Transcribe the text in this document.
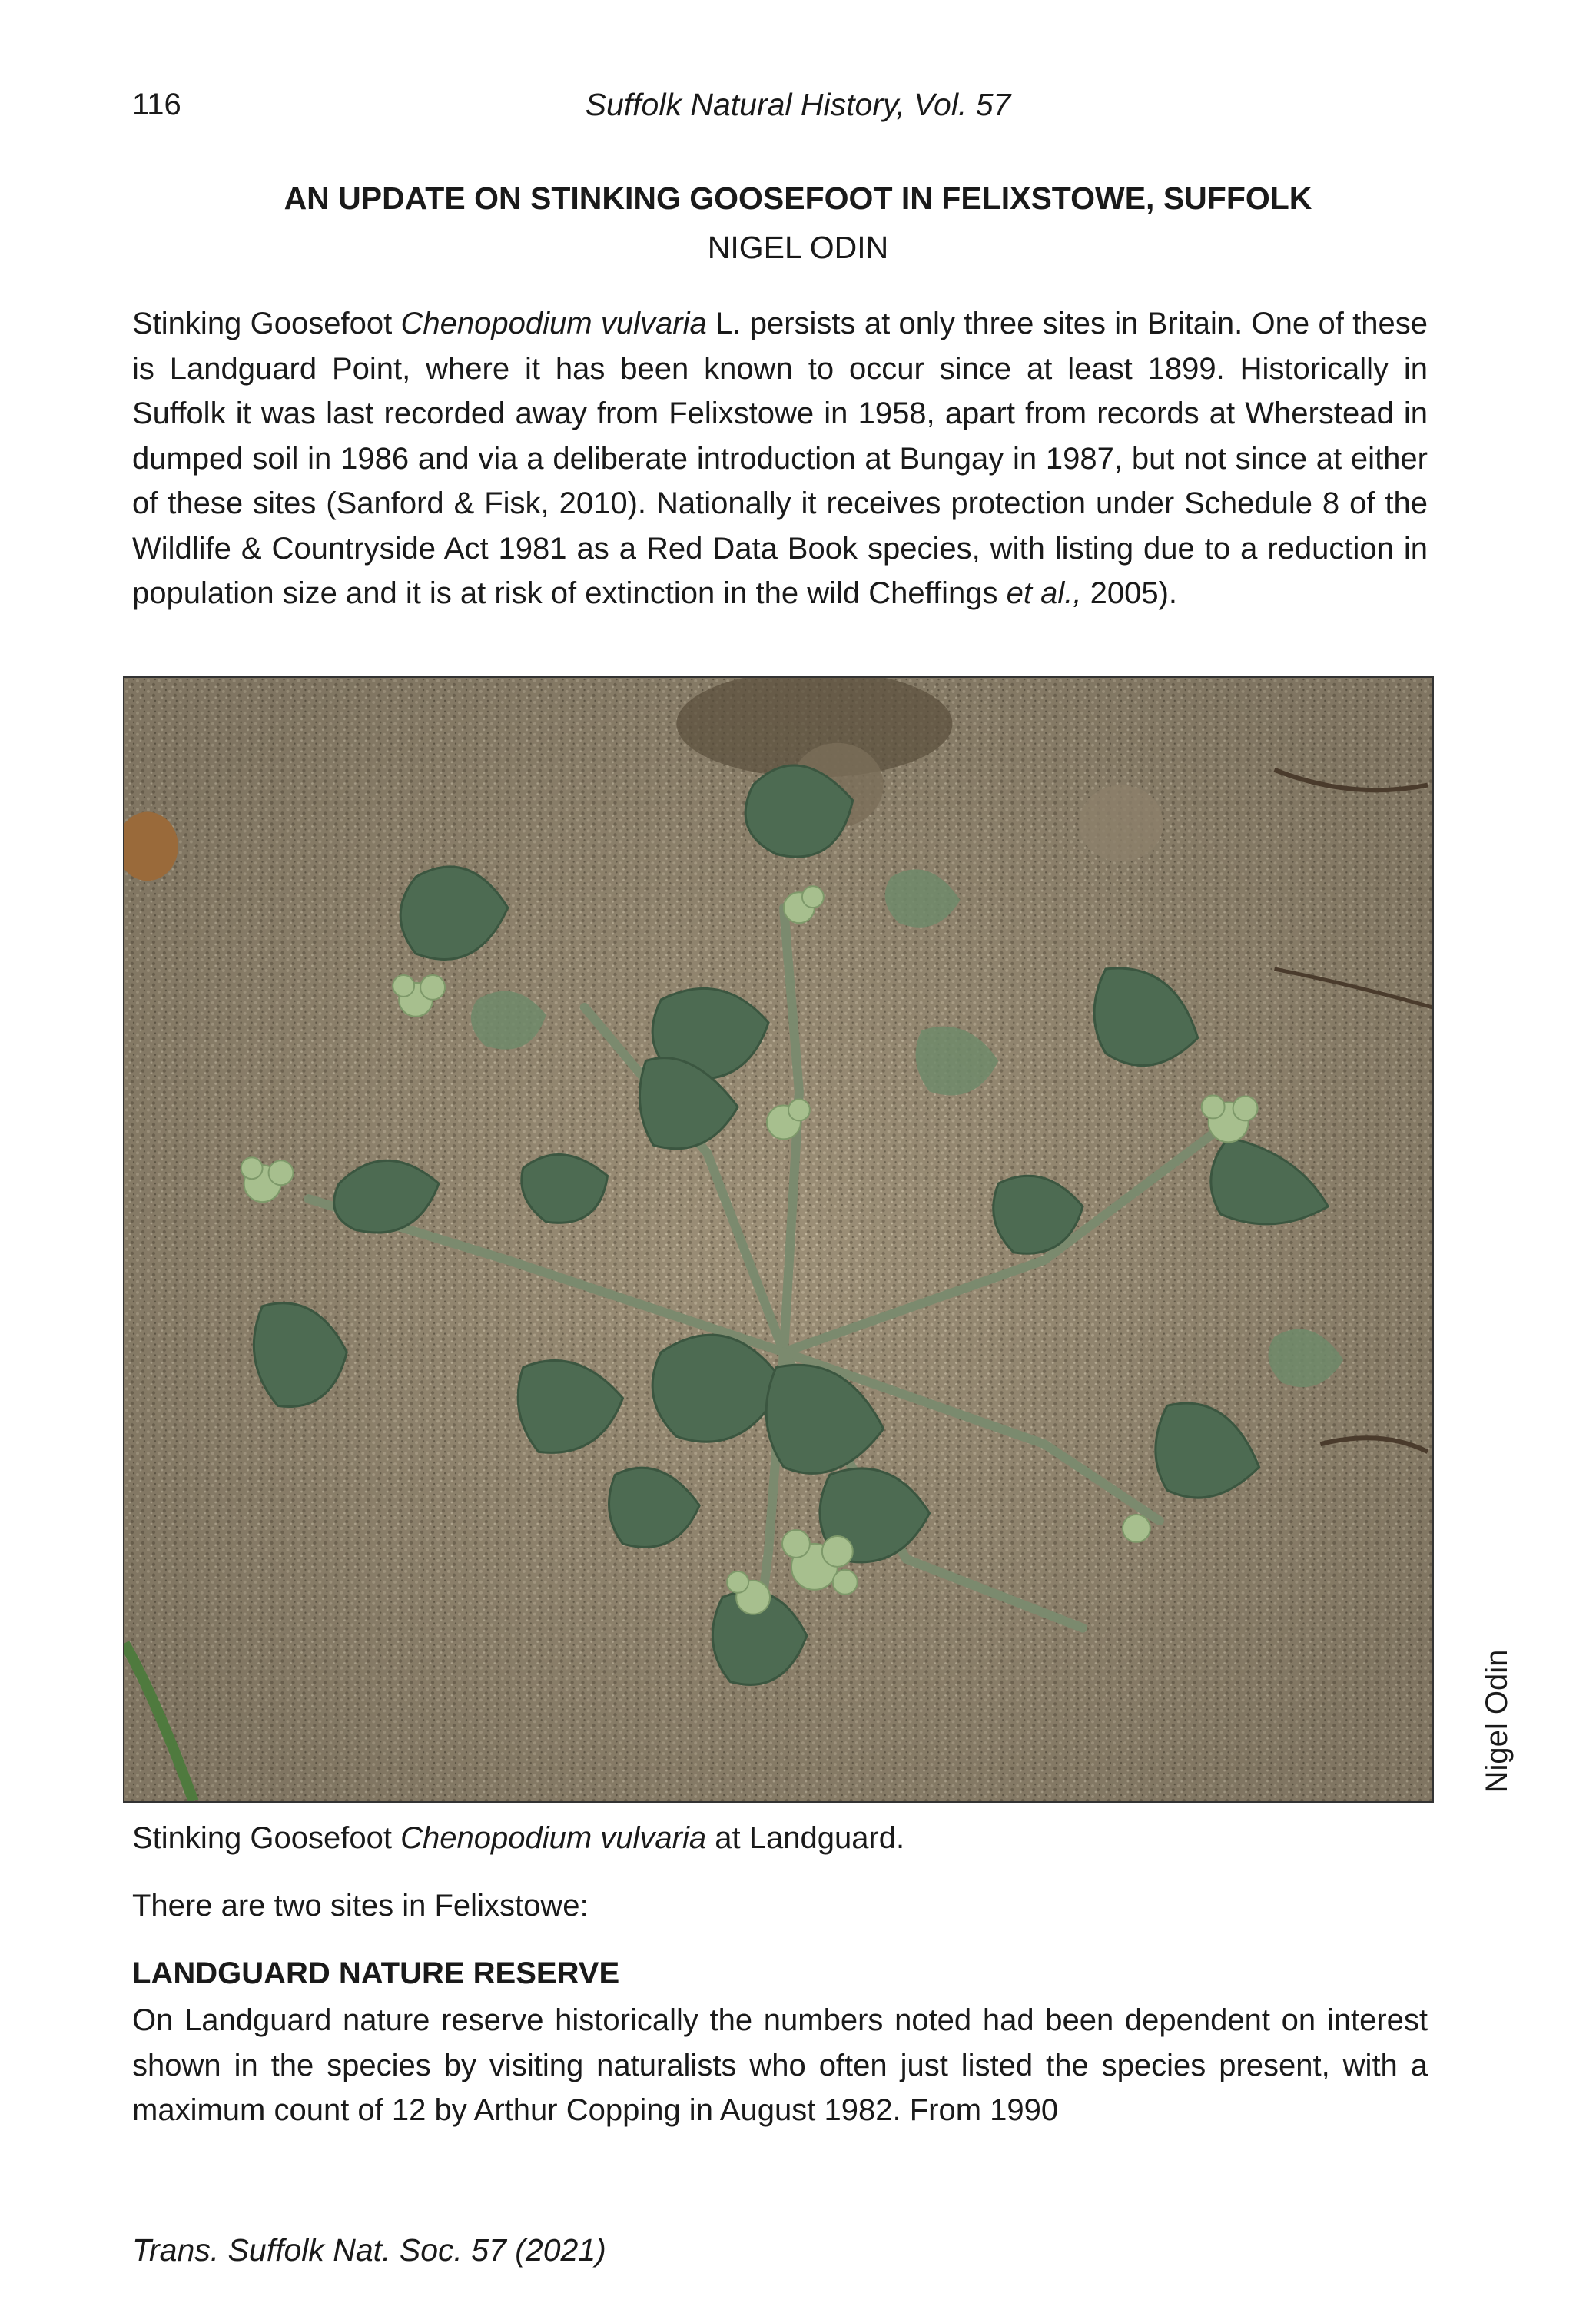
116	Suffolk Natural History, Vol. 57
AN UPDATE ON STINKING GOOSEFOOT IN FELIXSTOWE, SUFFOLK
NIGEL ODIN

Stinking Goosefoot Chenopodium vulvaria L. persists at only three sites in Britain. One of these is Landguard Point, where it has been known to occur since at least 1899. Historically in Suffolk it was last recorded away from Felixstowe in 1958, apart from records at Wherstead in dumped soil in 1986 and via a deliberate introduction at Bungay in 1987, but not since at either of these sites (Sanford & Fisk, 2010). Nationally it receives protection under Schedule 8 of the Wildlife & Countryside Act 1981 as a Red Data Book species, with listing due to a reduction in population size and it is at risk of extinction in the wild Cheffings et al., 2005).

Nigel Odin
Stinking Goosefoot Chenopodium vulvaria at Landguard.
There are two sites in Felixstowe:
LANDGUARD NATURE RESERVE

On Landguard nature reserve historically the numbers noted had been dependent on interest shown in the species by visiting naturalists who often just listed the species present, with a maximum count of 12 by Arthur Copping in August 1982. From 1990

Trans. Suffolk Nat. Soc. 57 (2021)
